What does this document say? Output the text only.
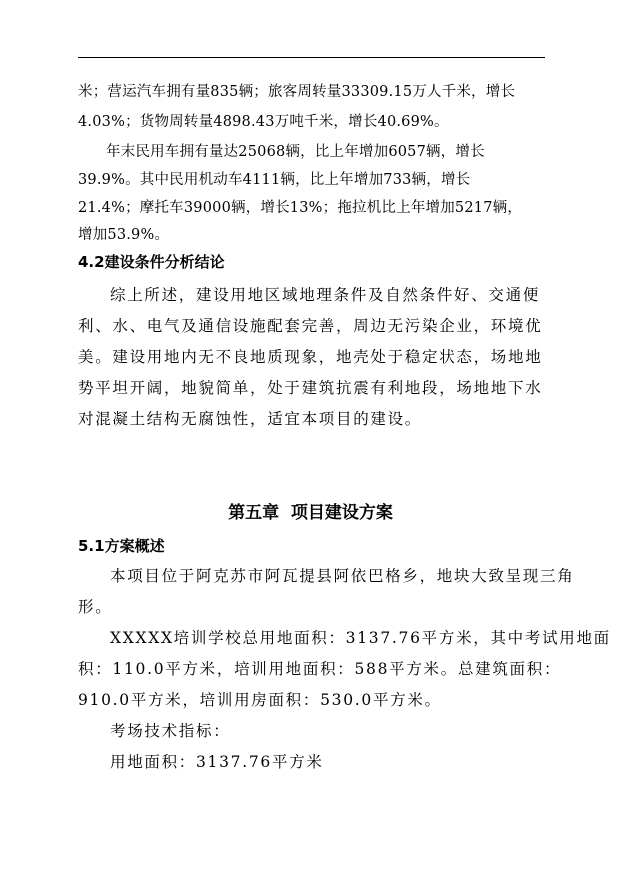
米；营运汽车拥有量835辆；旅客周转量33309.15万人千米，增长
4.03%；货物周转量4898.43万吨千米，增长40.69%。
年末民用车拥有量达25068辆，比上年增加6057辆，增长
39.9%。其中民用机动车4111辆，比上年增加733辆，增长
21.4%；摩托车39000辆，增长13%；拖拉机比上年增加5217辆，
增加53.9%。
4.2建设条件分析结论
综上所述，建设用地区域地理条件及自然条件好、交通便
利、水、电气及通信设施配套完善，周边无污染企业，环境优
美。建设用地内无不良地质现象，地壳处于稳定状态，场地地
势平坦开阔，地貌简单，处于建筑抗震有利地段，场地地下水
对混凝土结构无腐蚀性，适宜本项目的建设。
第五章  项目建设方案
5.1方案概述
本项目位于阿克苏市阿瓦提县阿依巴格乡，地块大致呈现三角
形。
XXXXX培训学校总用地面积：3137.76平方米，其中考试用地面
积：110.0平方米，培训用地面积：588平方米。总建筑面积：
910.0平方米，培训用房面积：530.0平方米。
考场技术指标：
用地面积：3137.76平方米
